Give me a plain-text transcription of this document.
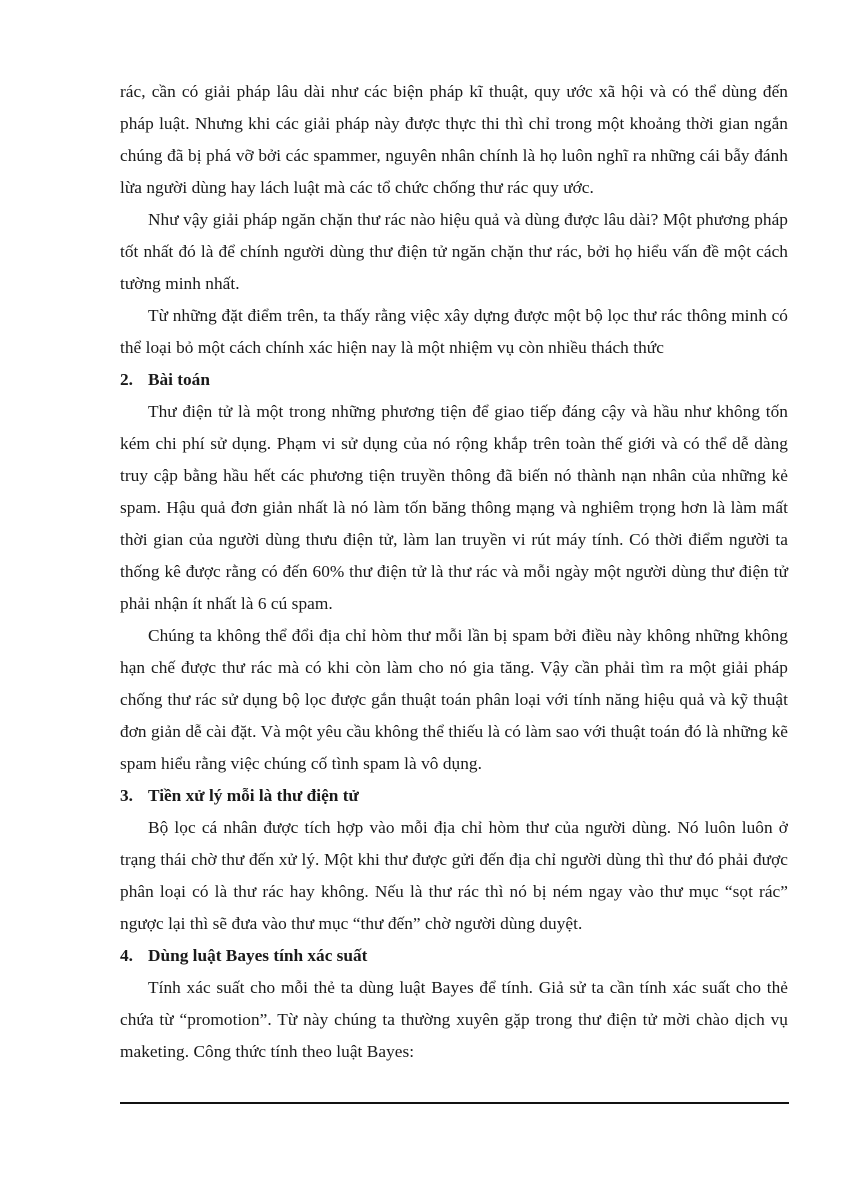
rác, cần có giải pháp lâu dài như các biện pháp kĩ thuật, quy ước xã hội và có thể dùng đến pháp luật. Nhưng khi các giải pháp này được thực thi thì chỉ trong một khoảng thời gian ngắn chúng đã bị phá vỡ bởi các spammer, nguyên nhân chính là họ luôn nghĩ ra những cái bẫy đánh lừa người dùng hay lách luật mà các tổ chức chống thư rác quy ước.

Như vậy giải pháp ngăn chặn thư rác nào hiệu quả và dùng được lâu dài? Một phương pháp tốt nhất đó là để chính người dùng thư điện tử ngăn chặn thư rác, bởi họ hiểu vấn đề một cách tường minh nhất.

Từ những đặt điểm trên, ta thấy rằng việc xây dựng được một bộ lọc thư rác thông minh có thể loại bỏ một cách chính xác hiện nay là một nhiệm vụ còn nhiều thách thức

2. Bài toán

Thư điện tử là một trong những phương tiện để giao tiếp đáng cậy và hầu như không tốn kém chi phí sử dụng. Phạm vi sử dụng của nó rộng khắp trên toàn thế giới và có thể dễ dàng truy cập bằng hầu hết các phương tiện truyền thông đã biến nó thành nạn nhân của những kẻ spam. Hậu quả đơn giản nhất là nó làm tốn băng thông mạng và nghiêm trọng hơn là làm mất thời gian của người dùng thưu điện tử, làm lan truyền vi rút máy tính. Có thời điểm người ta thống kê được rằng có đến 60% thư điện tử là thư rác và mỗi ngày một người dùng thư điện tử phải nhận ít nhất là 6 cú spam.

Chúng ta không thể đổi địa chỉ hòm thư mỗi lần bị spam bởi điều này không những không hạn chế được thư rác mà có khi còn làm cho nó gia tăng. Vậy cần phải tìm ra một giải pháp chống thư rác sử dụng bộ lọc được gắn thuật toán phân loại với tính năng hiệu quả và kỹ thuật đơn giản dễ cài đặt. Và một yêu cầu không thể thiếu là có làm sao với thuật toán đó là những kẽ spam hiểu rằng việc chúng cố tình spam là vô dụng.

3. Tiền xử lý mỗi là thư điện tử

Bộ lọc cá nhân được tích hợp vào mỗi địa chỉ hòm thư của người dùng. Nó luôn luôn ở trạng thái chờ thư đến xử lý. Một khi thư được gửi đến địa chỉ người dùng thì thư đó phải được phân loại có là thư rác hay không. Nếu là thư rác thì nó bị ném ngay vào thư mục “sọt rác” ngược lại thì sẽ đưa vào thư mục “thư đến” chờ người dùng duyệt.

4. Dùng luật Bayes tính xác suất

Tính xác suất cho mỗi thẻ ta dùng luật Bayes để tính. Giả sử ta cần tính xác suất cho thẻ chứa từ “promotion”. Từ này chúng ta thường xuyên gặp trong thư điện tử mời chào dịch vụ maketing. Công thức tính theo luật Bayes:
